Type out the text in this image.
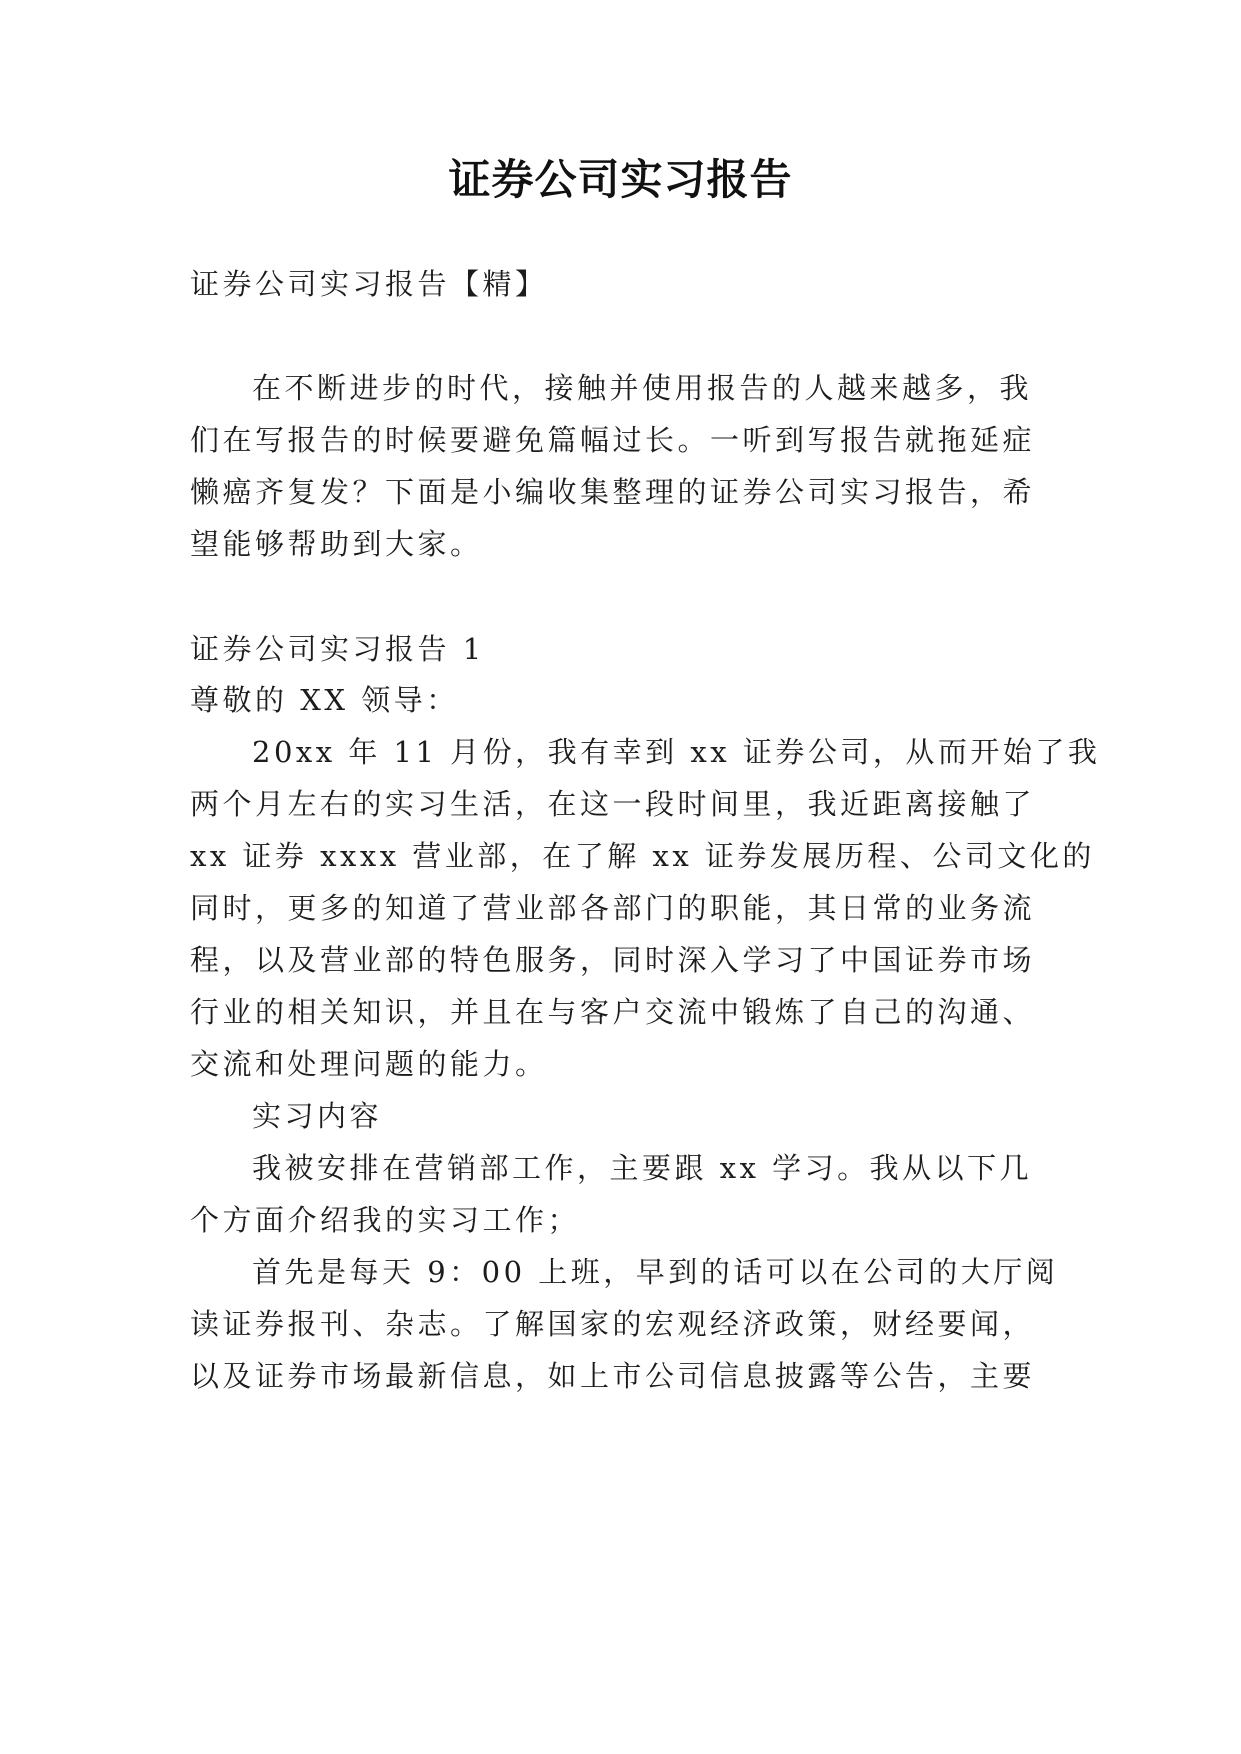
证券公司实习报告
证券公司实习报告【精】
在不断进步的时代，接触并使用报告的人越来越多，我
们在写报告的时候要避免篇幅过长。一听到写报告就拖延症
懒癌齐复发？下面是小编收集整理的证券公司实习报告，希
望能够帮助到大家。
证券公司实习报告 1
尊敬的 XX 领导：
20xx 年 11 月份，我有幸到 xx 证券公司，从而开始了我
两个月左右的实习生活，在这一段时间里，我近距离接触了
xx 证券 xxxx 营业部，在了解 xx 证券发展历程、公司文化的
同时，更多的知道了营业部各部门的职能，其日常的业务流
程，以及营业部的特色服务，同时深入学习了中国证券市场
行业的相关知识，并且在与客户交流中锻炼了自己的沟通、
交流和处理问题的能力。
实习内容
我被安排在营销部工作，主要跟 xx 学习。我从以下几
个方面介绍我的实习工作；
首先是每天 9：00 上班，早到的话可以在公司的大厅阅
读证券报刊、杂志。了解国家的宏观经济政策，财经要闻，
以及证券市场最新信息，如上市公司信息披露等公告，主要
